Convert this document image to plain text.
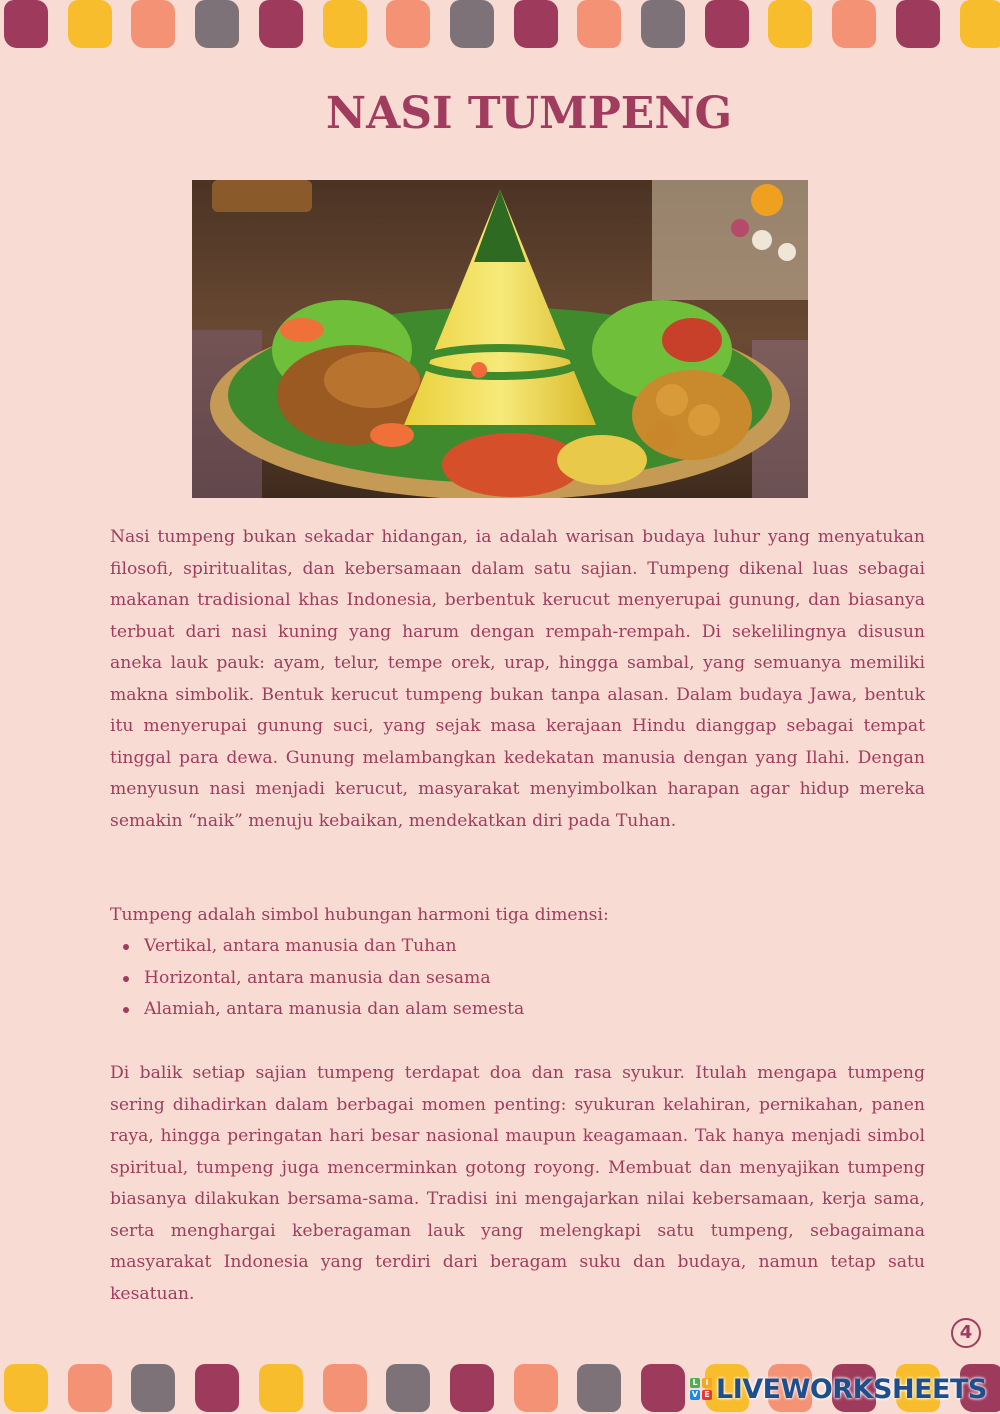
NASI TUMPENG

Nasi tumpeng bukan sekadar hidangan, ia adalah warisan budaya luhur yang menyatukan filosofi, spiritualitas, dan kebersamaan dalam satu sajian. Tumpeng dikenal luas sebagai makanan tradisional khas Indonesia, berbentuk kerucut menyerupai gunung, dan biasanya terbuat dari nasi kuning yang harum dengan rempah-rempah. Di sekelilingnya disusun aneka lauk pauk: ayam, telur, tempe orek, urap, hingga sambal, yang semuanya memiliki makna simbolik. Bentuk kerucut tumpeng bukan tanpa alasan. Dalam budaya Jawa, bentuk itu menyerupai gunung suci, yang sejak masa kerajaan Hindu dianggap sebagai tempat tinggal para dewa. Gunung melambangkan kedekatan manusia dengan yang Ilahi. Dengan menyusun nasi menjadi kerucut, masyarakat menyimbolkan harapan agar hidup mereka semakin “naik” menuju kebaikan, mendekatkan diri pada Tuhan.

Tumpeng adalah simbol hubungan harmoni tiga dimensi:

Vertikal, antara manusia dan Tuhan
Horizontal, antara manusia dan sesama
Alamiah, antara manusia dan alam semesta

Di balik setiap sajian tumpeng terdapat doa dan rasa syukur. Itulah mengapa tumpeng sering dihadirkan dalam berbagai momen penting: syukuran kelahiran, pernikahan, panen raya, hingga peringatan hari besar nasional maupun keagamaan. Tak hanya menjadi simbol spiritual, tumpeng juga mencerminkan gotong royong. Membuat dan menyajikan tumpeng biasanya dilakukan bersama-sama. Tradisi ini mengajarkan nilai kebersamaan, kerja sama, serta menghargai keberagaman lauk yang melengkapi satu tumpeng, sebagaimana masyarakat Indonesia yang terdiri dari beragam suku dan budaya, namun tetap satu kesatuan.

4
L I
V E LIVEWORKSHEETS
